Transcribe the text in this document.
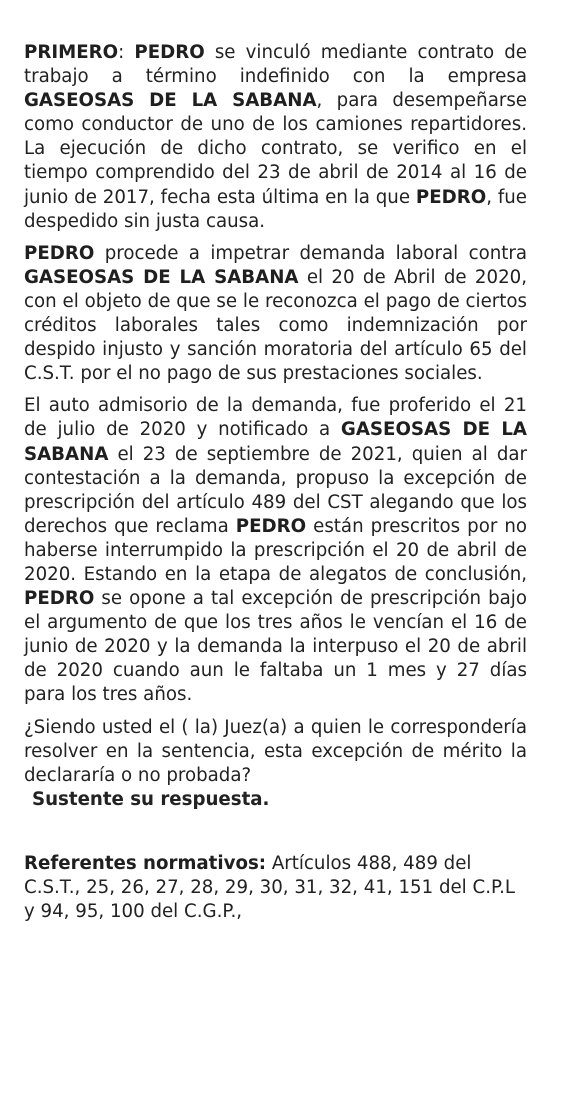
PRIMERO: PEDRO se vinculó mediante contrato de trabajo a término indefinido con la empresa GASEOSAS DE LA SABANA, para desempeñarse como conductor de uno de los camiones repartidores. La ejecución de dicho contrato, se verifico en el tiempo comprendido del 23 de abril de 2014 al 16 de junio de 2017, fecha esta última en la que PEDRO, fue despedido sin justa causa.

PEDRO procede a impetrar demanda laboral contra GASEOSAS DE LA SABANA el 20 de Abril de 2020, con el objeto de que se le reconozca el pago de ciertos créditos laborales tales como indemnización por despido injusto y sanción moratoria del artículo 65 del C.S.T. por el no pago de sus prestaciones sociales.

El auto admisorio de la demanda, fue proferido el 21 de julio de 2020 y notificado a GASEOSAS DE LA SABANA el 23 de septiembre de 2021, quien al dar contestación a la demanda, propuso la excepción de prescripción del artículo 489 del CST alegando que los derechos que reclama PEDRO están prescritos por no haberse interrumpido la prescripción el 20 de abril de 2020. Estando en la etapa de alegatos de conclusión, PEDRO se opone a tal excepción de prescripción bajo el argumento de que los tres años le vencían el 16 de junio de 2020 y la demanda la interpuso el 20 de abril de 2020 cuando aun le faltaba un 1 mes y 27 días para los tres años.

¿Siendo usted el ( la) Juez(a) a quien le correspondería resolver en la sentencia, esta excepción de mérito la declararía o no probada?

Sustente su respuesta.

Referentes normativos: Artículos 488, 489 del C.S.T., 25, 26, 27, 28, 29, 30, 31, 32, 41, 151 del C.P.L y 94, 95, 100 del C.G.P.,
